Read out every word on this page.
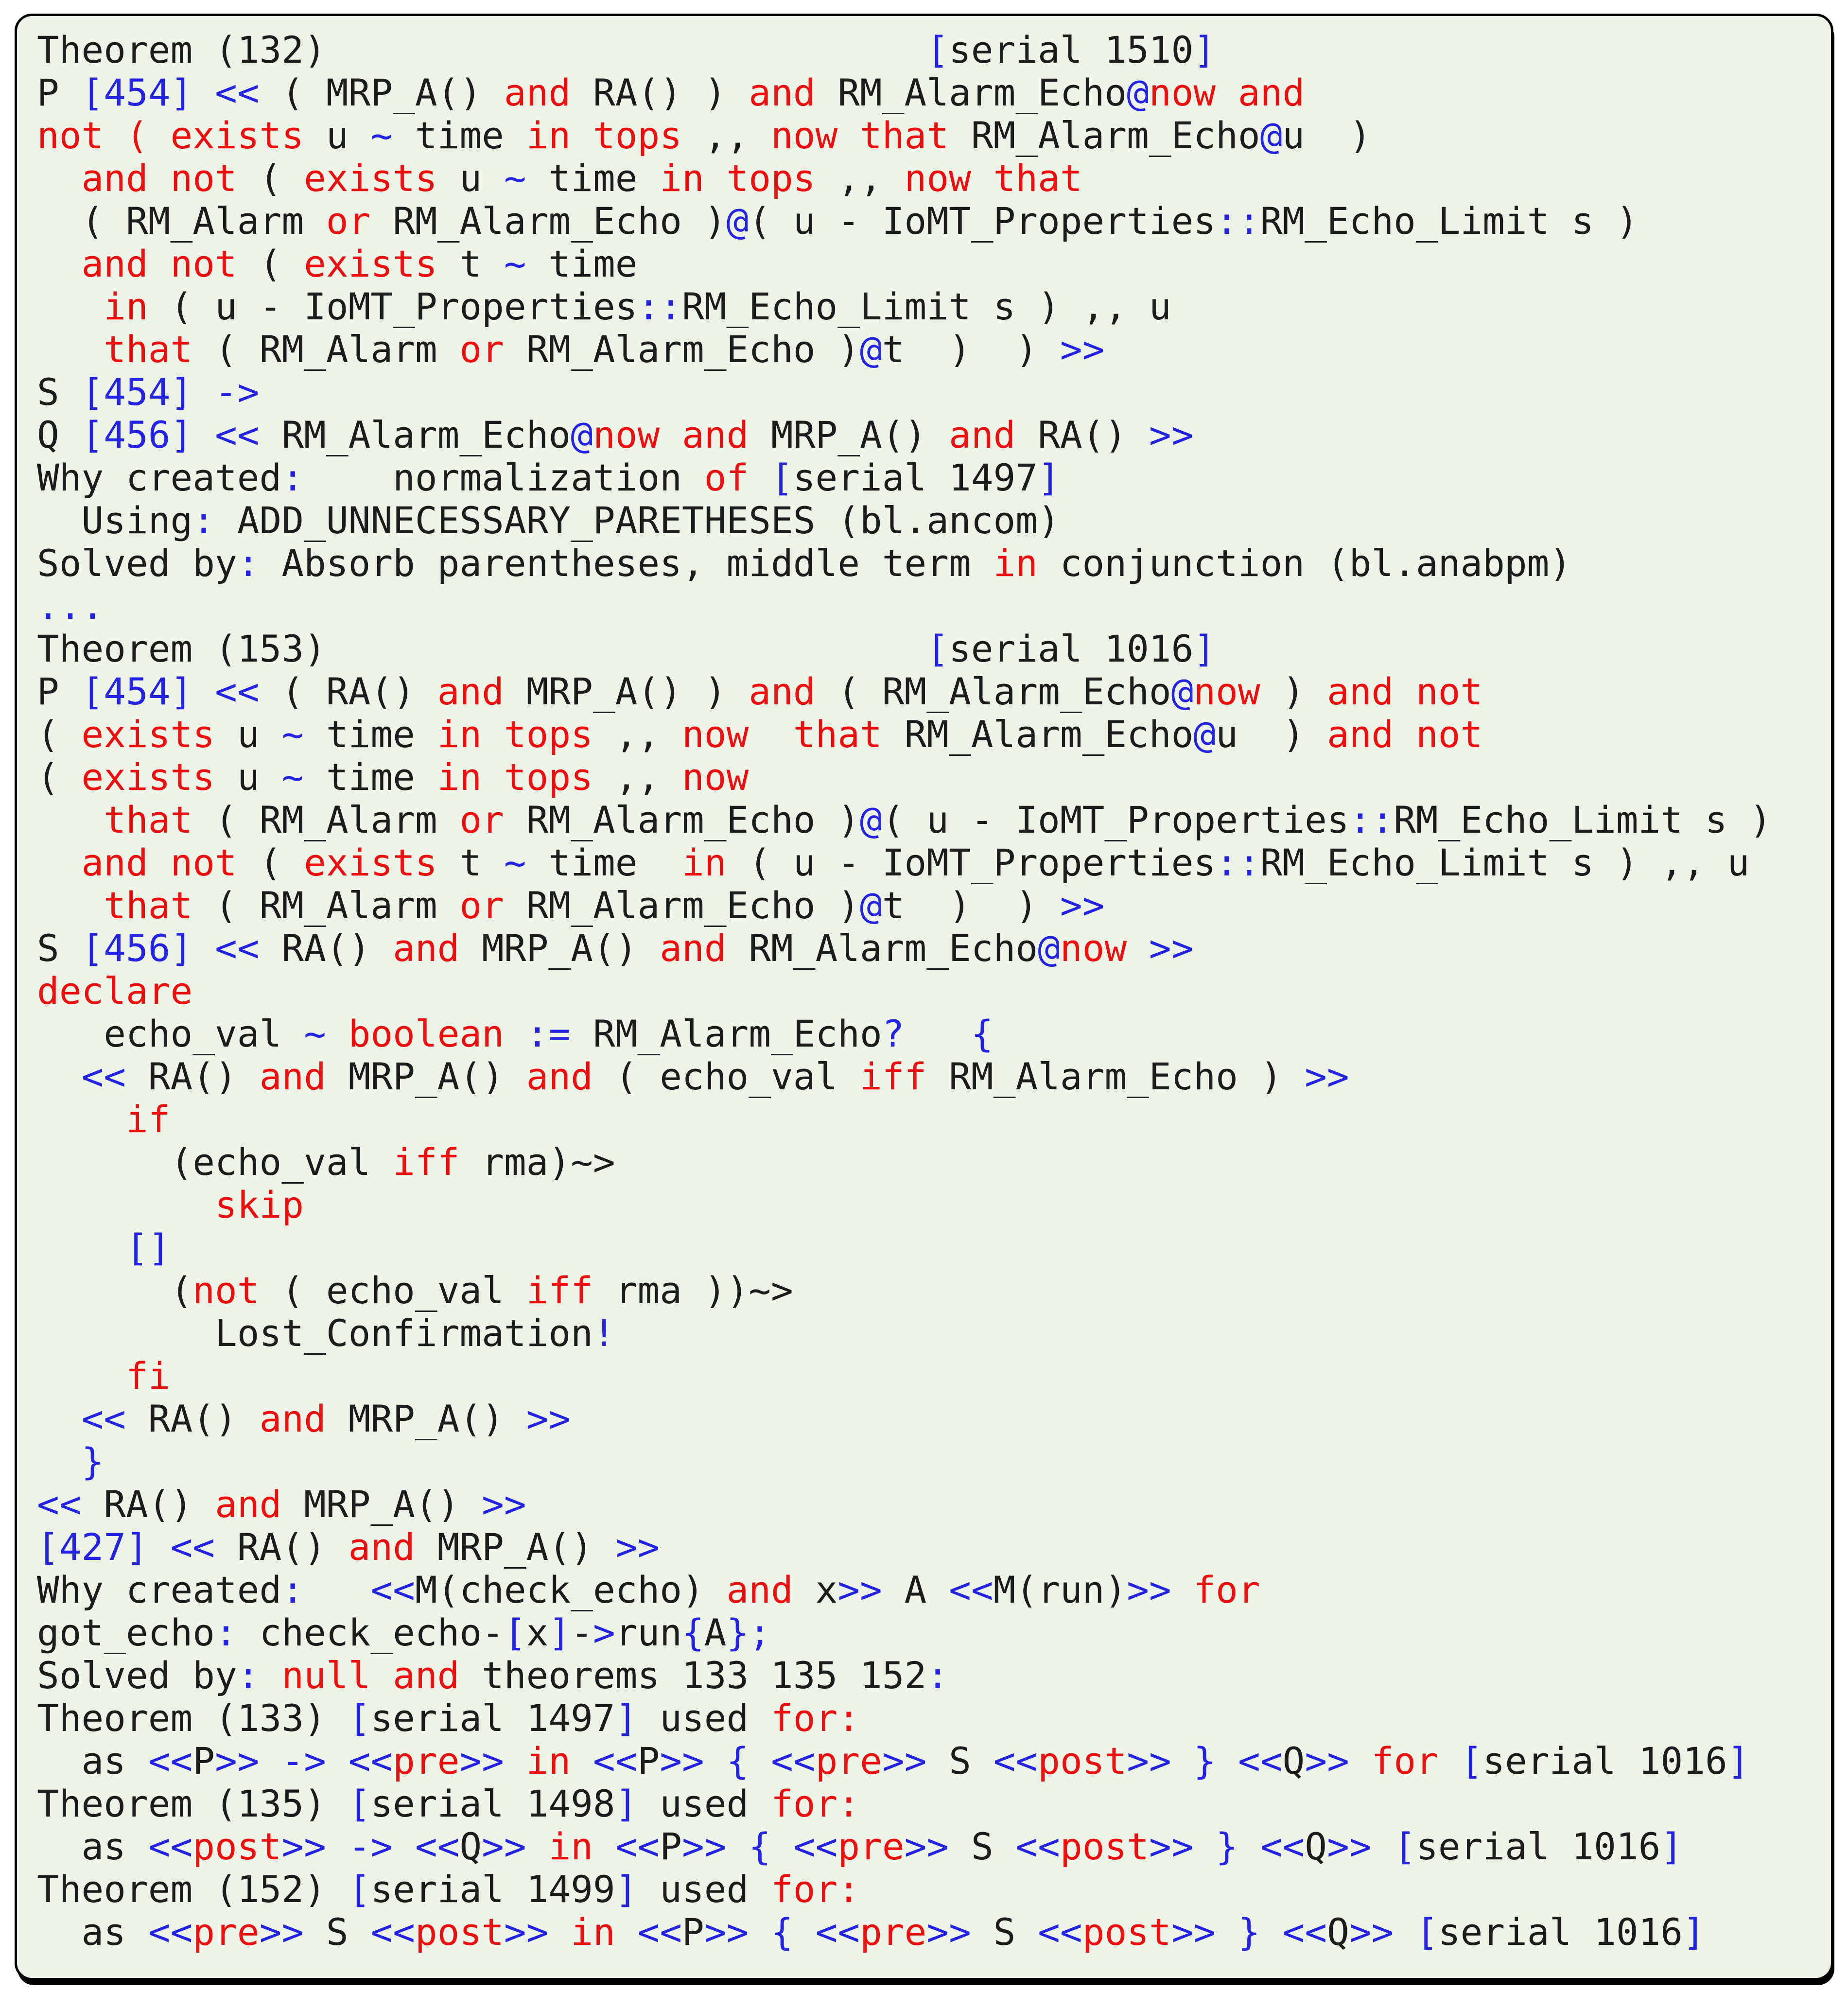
Theorem (132)                           [serial 1510]
P [454] << ( MRP_A() and RA() ) and RM_Alarm_Echo@now and
not ( exists u ~ time in tops ,, now that RM_Alarm_Echo@u  )
and not ( exists u ~ time in tops ,, now that
( RM_Alarm or RM_Alarm_Echo )@( u - IoMT_Properties::RM_Echo_Limit s )
and not ( exists t ~ time
in ( u - IoMT_Properties::RM_Echo_Limit s ) ,, u
that ( RM_Alarm or RM_Alarm_Echo )@t  )  ) >>
S [454] ->
Q [456] << RM_Alarm_Echo@now and MRP_A() and RA() >>
Why created:    normalization of [serial 1497]
Using: ADD_UNNECESSARY_PARETHESES (bl.ancom)
Solved by: Absorb parentheses, middle term in conjunction (bl.anabpm)
...
Theorem (153)                           [serial 1016]
P [454] << ( RA() and MRP_A() ) and ( RM_Alarm_Echo@now ) and not
( exists u ~ time in tops ,, now that RM_Alarm_Echo@u  ) and not
( exists u ~ time in tops ,, now
that ( RM_Alarm or RM_Alarm_Echo )@( u - IoMT_Properties::RM_Echo_Limit s )
and not ( exists t ~ time  in ( u - IoMT_Properties::RM_Echo_Limit s ) ,, u
that ( RM_Alarm or RM_Alarm_Echo )@t  )  ) >>
S [456] << RA() and MRP_A() and RM_Alarm_Echo@now >>
declare
echo_val ~ boolean := RM_Alarm_Echo? {
<< RA() and MRP_A() and ( echo_val iff RM_Alarm_Echo ) >>
if
(echo_val iff rma)~>
skip
[]
(not ( echo_val iff rma ))~>
Lost_Confirmation!
fi
<< RA() and MRP_A() >>
}
<< RA() and MRP_A() >>
[427] << RA() and MRP_A() >>
Why created: <<M(check_echo) and x>> A <<M(run)>> for
got_echo: check_echo-[x]->run{A};
Solved by: null and theorems 133 135 152:
Theorem (133) [serial 1497] used for:
as <<P>> -> <<pre>> in <<P>> { <<pre>> S <<post>> } <<Q>> for [serial 1016]
Theorem (135) [serial 1498] used for:
as <<post>> -> <<Q>> in <<P>> { <<pre>> S <<post>> } <<Q>> [serial 1016]
Theorem (152) [serial 1499] used for:
as <<pre>> S <<post>> in <<P>> { <<pre>> S <<post>> } <<Q>> [serial 1016]
